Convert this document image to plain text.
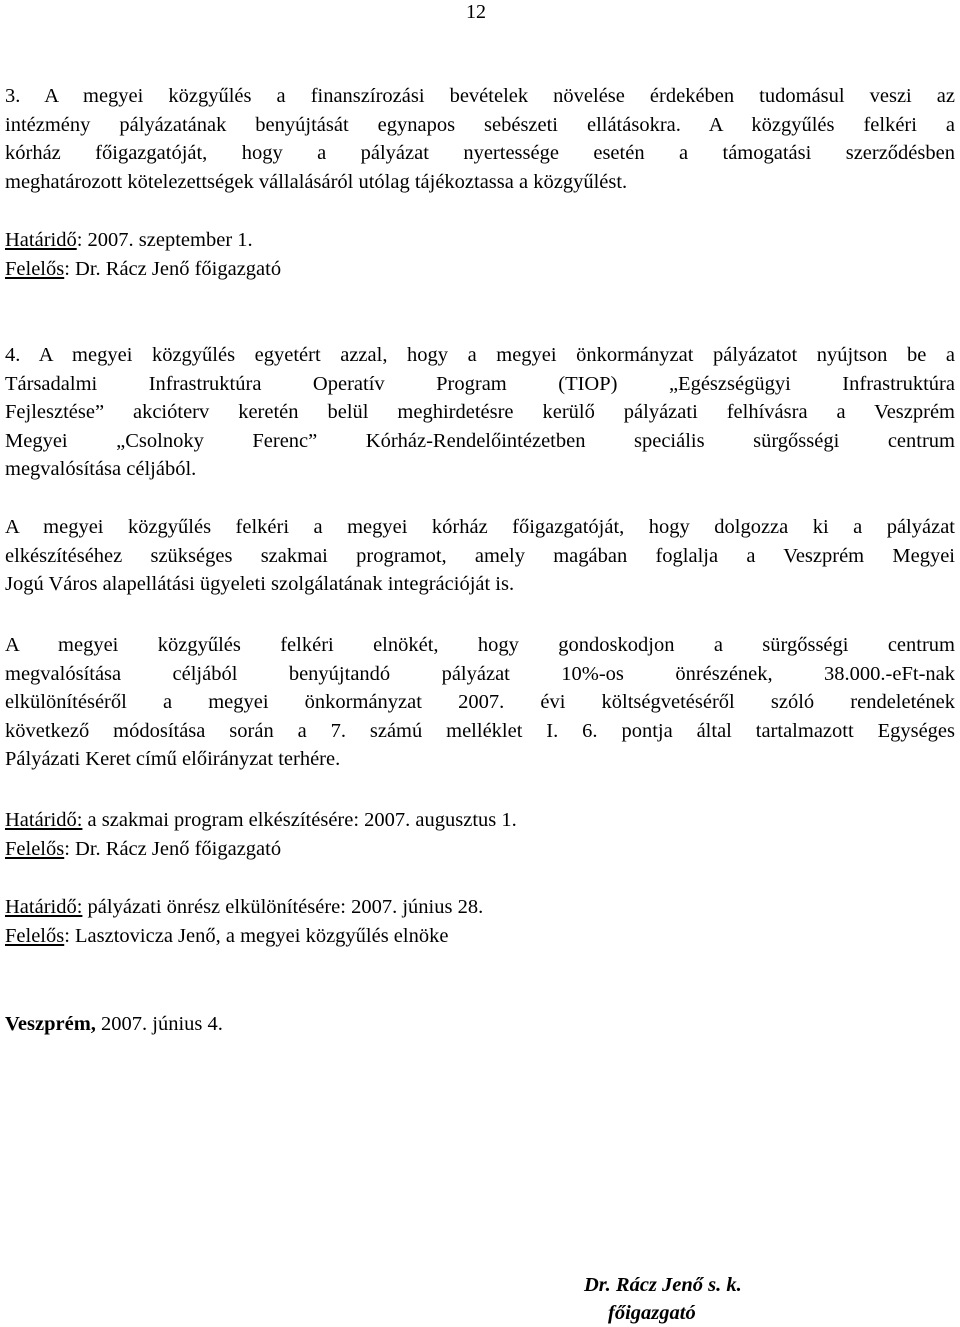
12
3. A megyei közgyűlés a finanszírozási bevételek növelése érdekében tudomásul veszi az
intézmény pályázatának benyújtását egynapos sebészeti ellátásokra. A közgyűlés felkéri a
kórház főigazgatóját, hogy a pályázat nyertessége esetén a támogatási szerződésben
meghatározott kötelezettségek vállalásáról utólag tájékoztassa a közgyűlést.
Határidő: 2007. szeptember 1.
Felelős: Dr. Rácz Jenő főigazgató
4. A megyei közgyűlés egyetért azzal, hogy a megyei önkormányzat pályázatot nyújtson be a
Társadalmi Infrastruktúra Operatív Program (TIOP) „Egészségügyi Infrastruktúra
Fejlesztése” akcióterv keretén belül meghirdetésre kerülő pályázati felhívásra a Veszprém
Megyei „Csolnoky Ferenc” Kórház-Rendelőintézetben speciális sürgősségi centrum
megvalósítása céljából.
A megyei közgyűlés felkéri a megyei kórház főigazgatóját, hogy dolgozza ki a pályázat
elkészítéséhez szükséges szakmai programot, amely magában foglalja a Veszprém Megyei
Jogú Város alapellátási ügyeleti szolgálatának integrációját is.
A megyei közgyűlés felkéri elnökét, hogy gondoskodjon a sürgősségi centrum
megvalósítása céljából benyújtandó pályázat 10%-os önrészének, 38.000.-eFt-nak
elkülönítéséről a megyei önkormányzat 2007. évi költségvetéséről szóló rendeletének
következő módosítása során a 7. számú melléklet I. 6. pontja által tartalmazott Egységes
Pályázati Keret című előirányzat terhére.
Határidő: a szakmai program elkészítésére: 2007. augusztus 1.
Felelős: Dr. Rácz Jenő főigazgató
Határidő: pályázati önrész elkülönítésére: 2007. június 28.
Felelős: Lasztovicza Jenő, a megyei közgyűlés elnöke
Veszprém, 2007. június 4.
Dr. Rácz Jenő s. k.
főigazgató
